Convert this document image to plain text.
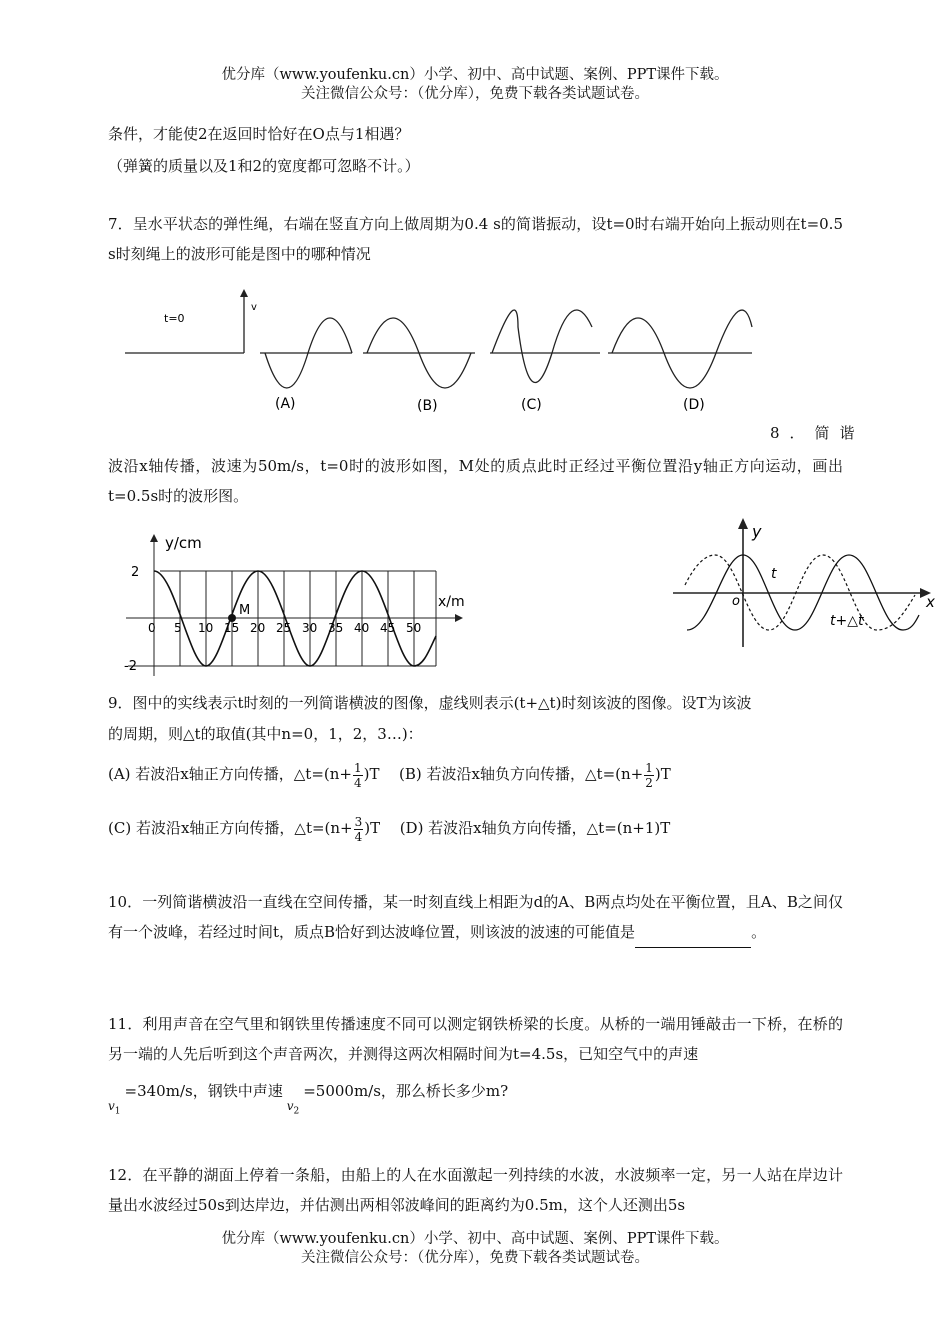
优分库（www.youfenku.cn）小学、初中、高中试题、案例、PPT课件下载。
关注微信公众号：（优分库），免费下载各类试题试卷。
条件，才能使2在返回时恰好在O点与1相遇？
（弹簧的质量以及1和2的宽度都可忽略不计。）
7．呈水平状态的弹性绳，右端在竖直方向上做周期为0.4 s的简谐振动，设t=0时右端开始向上振动则在t=0.5 s时刻绳上的波形可能是图中的哪种情况
t=0
v
(A)	(B)	(C)	(D)
8．简谐
波沿x轴传播，波速为50m/s，t=0时的波形如图，M处的质点此时正经过平衡位置沿y轴正方向运动，画出t=0.5s时的波形图。
M
y/cm
x/m
2
-2
0 5 10 15 20 25 30 35 40 45 50
y
x
o
t
t+△t
9．图中的实线表示t时刻的一列简谐横波的图像，虚线则表示(t+△t)时刻该波的图像。设T为该波
的周期，则△t的取值(其中n=0，1，2，3…)：
(A) 若波沿x轴正方向传播，△t=(n+ $\frac{1}{4} )T$ (B) 若波沿x轴负方向传播，△t=(n+ $\frac{1}{2} )T$
(C) 若波沿x轴正方向传播，△t=(n+ $\frac{3}{4} )T$ (D) 若波沿x轴负方向传播，△t=(n+1)T
10．一列简谐横波沿一直线在空间传播，某一时刻直线上相距为d的A、B两点均处在平衡位置，且A、B之间仅有一个波峰，若经过时间t，质点B恰好到达波峰位置，则该波的波速的可能值是	。
11．利用声音在空气里和钢铁里传播速度不同可以测定钢铁桥梁的长度。从桥的一端用锤敲击一下桥，在桥的另一端的人先后听到这个声音两次，并测得这两次相隔时间为t=4.5s，已知空气中的声速
$_{v_1}$=340m/s，钢铁中声速$_{v_2}$=5000m/s，那么桥长多少m?
12．在平静的湖面上停着一条船，由船上的人在水面激起一列持续的水波，水波频率一定，另一人站在岸边计量出水波经过50s到达岸边，并估测出两相邻波峰间的距离约为0.5m，这个人还测出5s
优分库（www.youfenku.cn）小学、初中、高中试题、案例、PPT课件下载。
关注微信公众号：（优分库），免费下载各类试题试卷。
